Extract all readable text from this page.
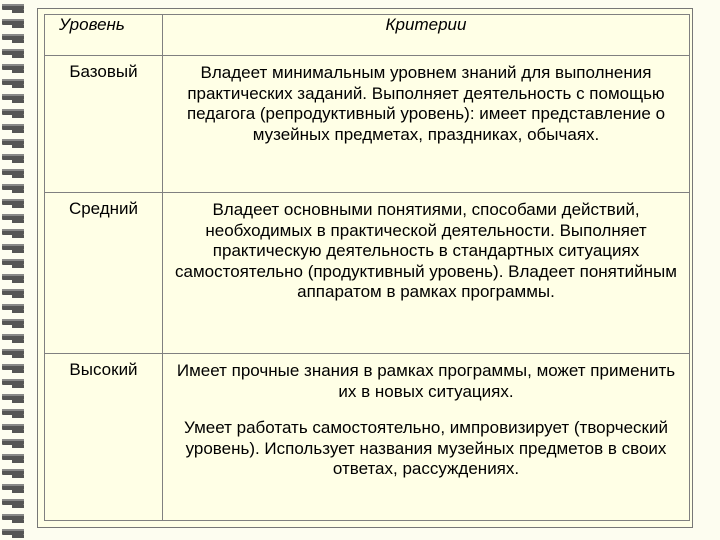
Уровень	Критерии

Базовый	Владеет минимальным уровнем знаний для выполнения практических заданий. Выполняет деятельность с помощью педагога (репродуктивный уровень): имеет представление о музейных предметах, праздниках, обычаях.

Средний	Владеет основными понятиями, способами действий, необходимых в практической деятельности. Выполняет практическую деятельность в стандартных ситуациях самостоятельно (продуктивный уровень). Владеет понятийным аппаратом в рамках программы.

Высокий	Имеет прочные знания в рамках программы, может применить их в новых ситуациях.
Умеет работать самостоятельно, импровизирует (творческий уровень). Использует названия музейных предметов в своих ответах, рассуждениях.
